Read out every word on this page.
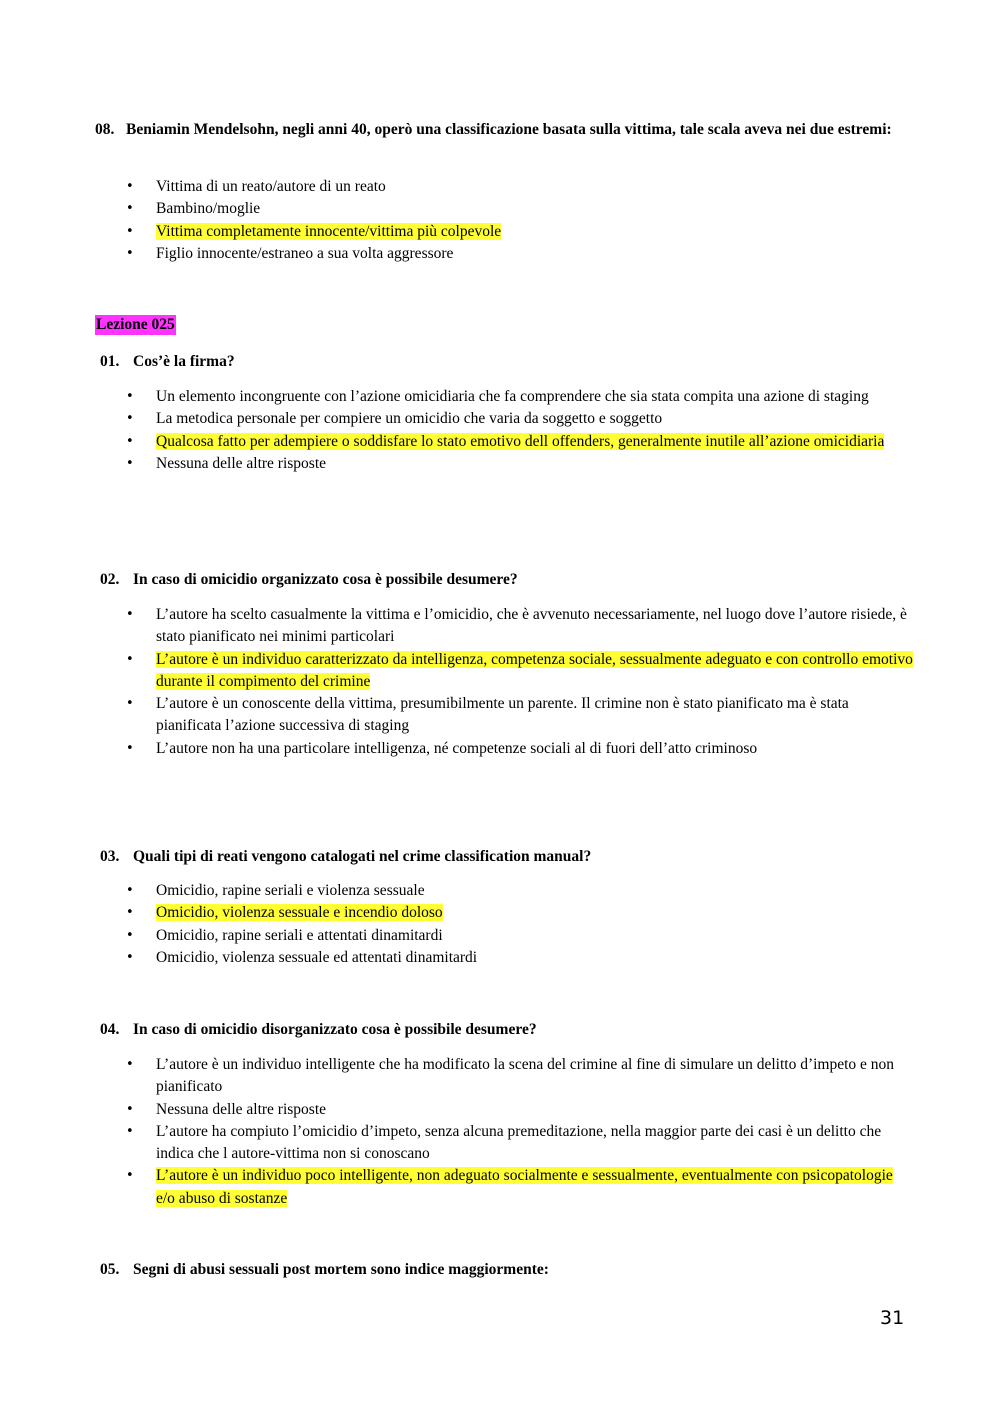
08.   Beniamin Mendelsohn, negli anni 40, operò una classificazione basata sulla vittima, tale scala aveva nei due estremi:
Vittima di un reato/autore di un reato
Bambino/moglie
Vittima completamente innocente/vittima più colpevole
Figlio innocente/estraneo a sua volta aggressore
Lezione 025
01. Cos’è la firma?
Un elemento incongruente con l’azione omicidiaria che fa comprendere che sia stata compita una azione di staging
La metodica personale per compiere un omicidio che varia da soggetto e soggetto
Qualcosa fatto per adempiere o soddisfare lo stato emotivo dell offenders, generalmente inutile all’azione omicidiaria
Nessuna delle altre risposte
02. In caso di omicidio organizzato cosa è possibile desumere?
L’autore ha scelto casualmente la vittima e l’omicidio, che è avvenuto necessariamente, nel luogo dove l’autore risiede, è stato pianificato nei minimi particolari
L’autore è un individuo caratterizzato da intelligenza, competenza sociale, sessualmente adeguato e con controllo emotivo durante il compimento del crimine
L’autore è un conoscente della vittima, presumibilmente un parente. Il crimine non è stato pianificato ma è stata pianificata l’azione successiva di staging
L’autore non ha una particolare intelligenza, né competenze sociali al di fuori dell’atto criminoso
03. Quali tipi di reati vengono catalogati nel crime classification manual?
Omicidio, rapine seriali e violenza sessuale
Omicidio, violenza sessuale e incendio doloso
Omicidio, rapine seriali e attentati dinamitardi
Omicidio, violenza sessuale ed attentati dinamitardi
04. In caso di omicidio disorganizzato cosa è possibile desumere?
L’autore è un individuo intelligente che ha modificato la scena del crimine al fine di simulare un delitto d’impeto e non pianificato
Nessuna delle altre risposte
L’autore ha compiuto l’omicidio d’impeto, senza alcuna premeditazione, nella maggior parte dei casi è un delitto che indica che l autore-vittima non si conoscano
L’autore è un individuo poco intelligente, non adeguato socialmente e sessualmente, eventualmente con psicopatologie e/o abuso di sostanze
05. Segni di abusi sessuali post mortem sono indice maggiormente:
31
